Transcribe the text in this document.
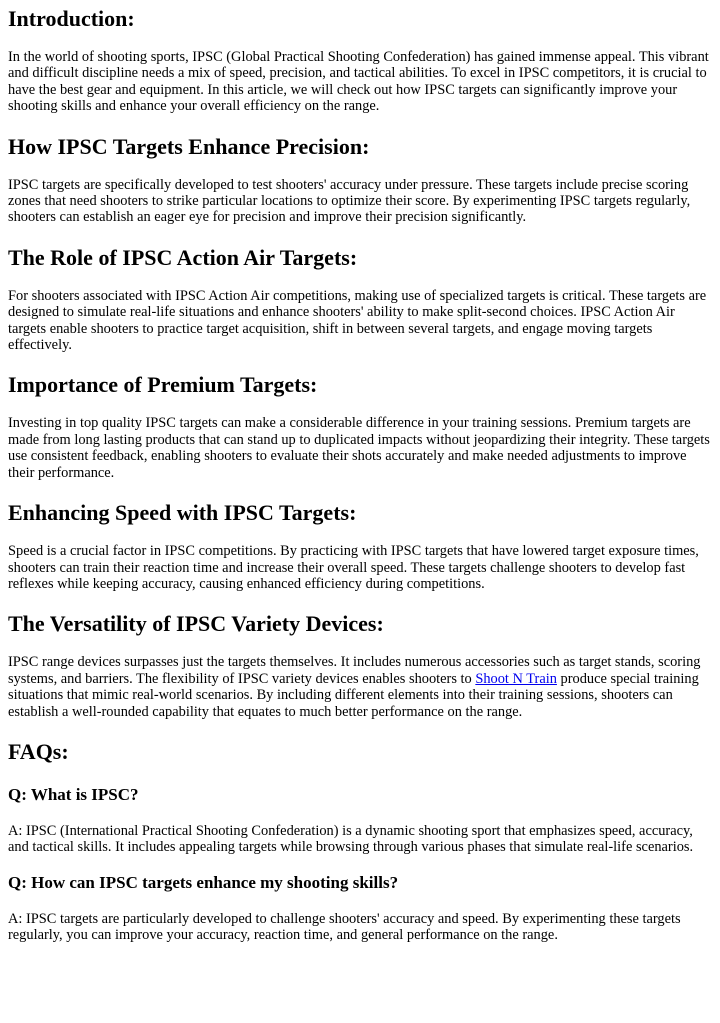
Introduction:

In the world of shooting sports, IPSC (Global Practical Shooting Confederation) has gained immense appeal. This vibrant and difficult discipline needs a mix of speed, precision, and tactical abilities. To excel in IPSC competitors, it is crucial to have the best gear and equipment. In this article, we will check out how IPSC targets can significantly improve your shooting skills and enhance your overall efficiency on the range.

How IPSC Targets Enhance Precision:

IPSC targets are specifically developed to test shooters' accuracy under pressure. These targets include precise scoring zones that need shooters to strike particular locations to optimize their score. By experimenting IPSC targets regularly, shooters can establish an eager eye for precision and improve their precision significantly.

The Role of IPSC Action Air Targets:

For shooters associated with IPSC Action Air competitions, making use of specialized targets is critical. These targets are designed to simulate real-life situations and enhance shooters' ability to make split-second choices. IPSC Action Air targets enable shooters to practice target acquisition, shift in between several targets, and engage moving targets effectively.

Importance of Premium Targets:

Investing in top quality IPSC targets can make a considerable difference in your training sessions. Premium targets are made from long lasting products that can stand up to duplicated impacts without jeopardizing their integrity. These targets use consistent feedback, enabling shooters to evaluate their shots accurately and make needed adjustments to improve their performance.

Enhancing Speed with IPSC Targets:

Speed is a crucial factor in IPSC competitions. By practicing with IPSC targets that have lowered target exposure times, shooters can train their reaction time and increase their overall speed. These targets challenge shooters to develop fast reflexes while keeping accuracy, causing enhanced efficiency during competitions.

The Versatility of IPSC Variety Devices:

IPSC range devices surpasses just the targets themselves. It includes numerous accessories such as target stands, scoring systems, and barriers. The flexibility of IPSC variety devices enables shooters to Shoot N Train produce special training situations that mimic real-world scenarios. By including different elements into their training sessions, shooters can establish a well-rounded capability that equates to much better performance on the range.

FAQs:
Q: What is IPSC?

A: IPSC (International Practical Shooting Confederation) is a dynamic shooting sport that emphasizes speed, accuracy, and tactical skills. It includes appealing targets while browsing through various phases that simulate real-life scenarios.

Q: How can IPSC targets enhance my shooting skills?

A: IPSC targets are particularly developed to challenge shooters' accuracy and speed. By experimenting these targets regularly, you can improve your accuracy, reaction time, and general performance on the range.
